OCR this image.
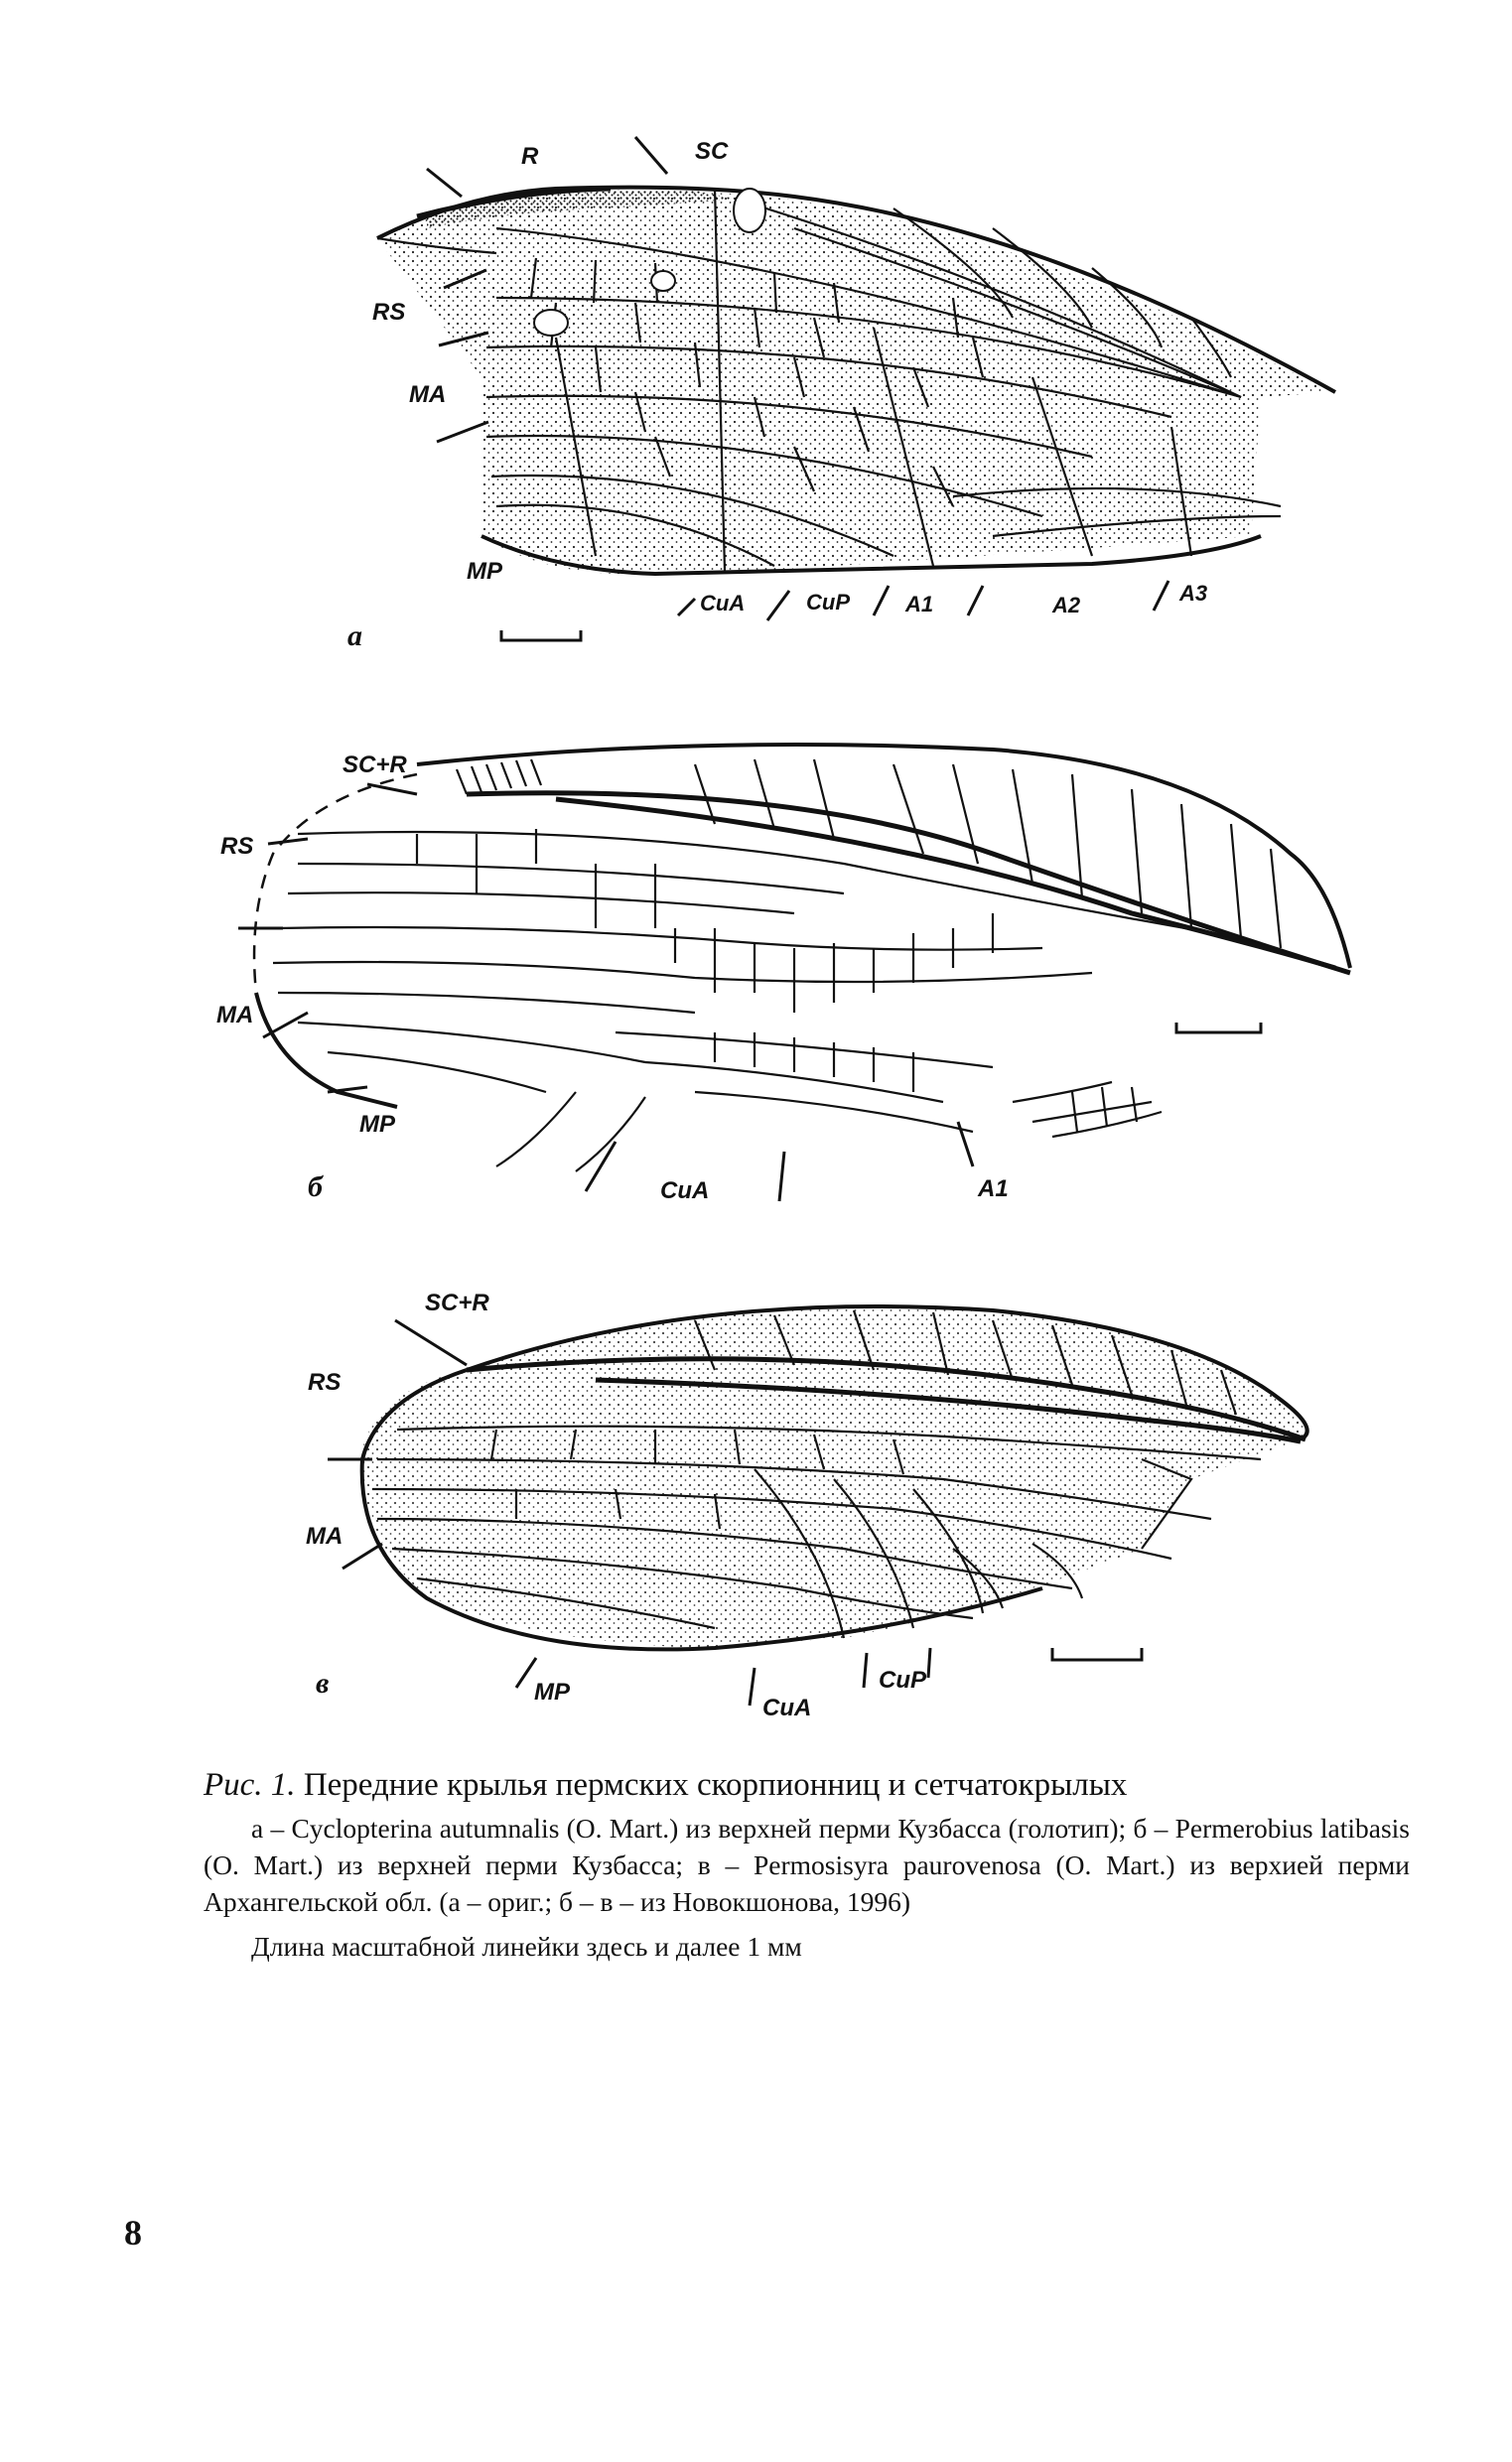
R	SC
RS
MA
MP
CuA	CuP	A1	A2	A3
а
SC+R
RS
MA
MP
CuA	A1
б
SC+R
RS
MA
MP
CuA
CuP
в
Рис. 1. Передние крылья пермских скорпионниц и сетчатокрылых
а – Cyclopterina autumnalis (O. Mart.) из верхней перми Кузбасса (голотип); б – Permerobius latibasis (O. Mart.) из верхней перми Кузбасса; в – Permosisyra paurovenosa (O. Mart.) из верхией перми Архангельской обл. (а – ориг.; б – в – из Новокшонова, 1996)
Длина масштабной линейки здесь и далее 1 мм
8
